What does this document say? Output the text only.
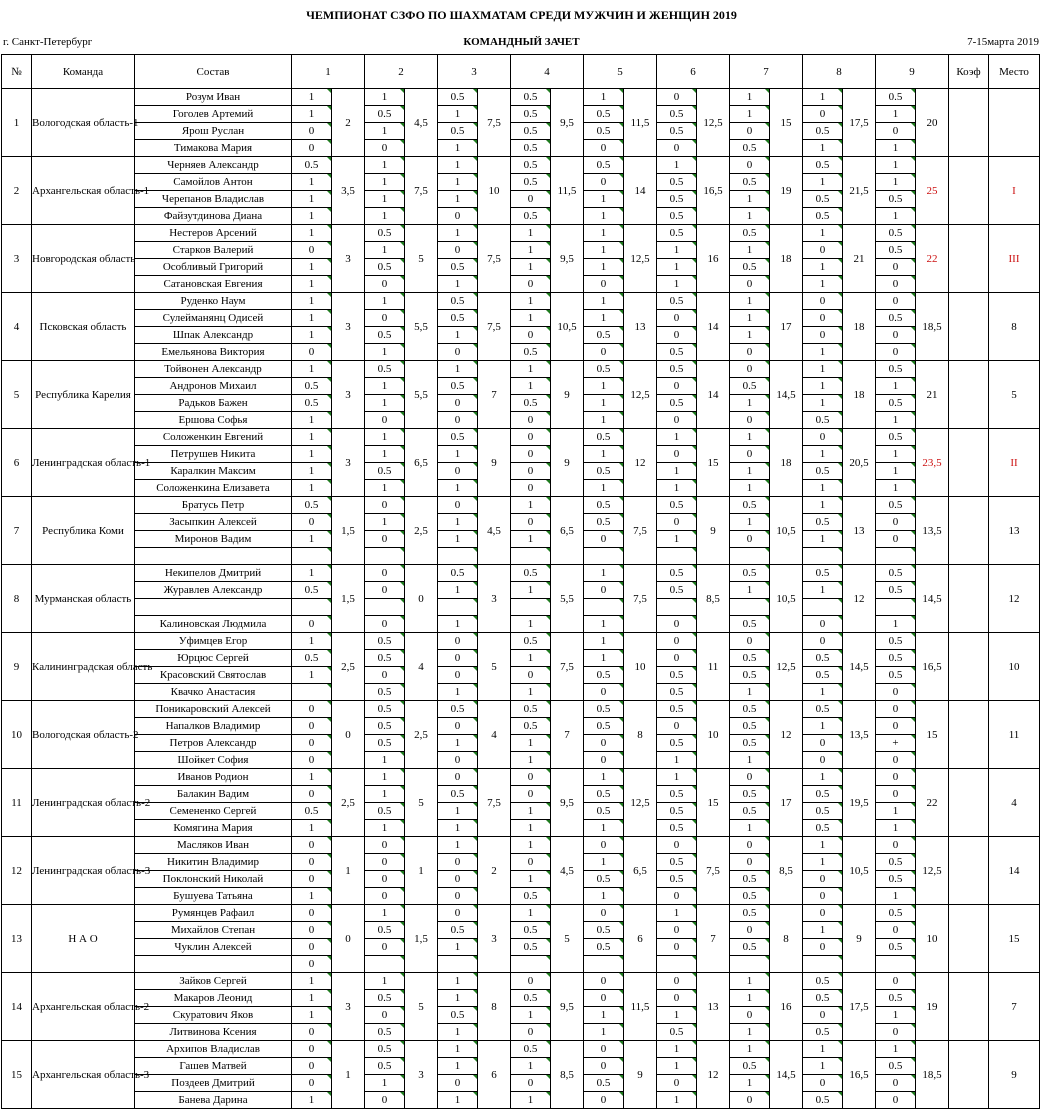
ЧЕМПИОНАТ СЗФО ПО ШАХМАТАМ СРЕДИ МУЖЧИН И ЖЕНЩИН 2019
г. Санкт-Петербург	КОМАНДНЫЙ ЗАЧЕТ	7-15марта 2019
№	Команда	Состав	1		2		3		4		5		6		7		8		9		Коэф	Место
1	Вологодская область-1	Розум Иван	1	2	1	4,5	0.5	7,5	0.5	9,5	1	11,5	0	12,5	1	15	1	17,5	0.5	20		
		Гоголев Артемий	1		0.5		1		0.5		0.5		0.5		1		0		1			
		Ярош Руслан	0		1		0.5		0.5		0.5		0.5		0		0.5		0			
		Тимакова Мария	0		0		1		0.5		0		0		0.5		1		1			
2	Архангельская область-1	Черняев Александр	0.5	3,5	1	7,5	1	10	0.5	11,5	0.5	14	1	16,5	0	19	0.5	21,5	1	25		I
		Самойлов Антон	1		1		1		0.5		0		0.5		0.5		1		1			
		Черепанов Владислав	1		1		1		0		1		0.5		1		0.5		0.5			
		Файзутдинова Диана	1		1		0		0.5		1		0.5		1		0.5		1			
3	Новгородская область	Нестеров Арсений	1	3	0.5	5	1	7,5	1	9,5	1	12,5	0.5	16	0.5	18	1	21	0.5	22		III
		Старков Валерий	0		1		0		1		1		1		1		0		0.5			
		Особливый Григорий	1		0.5		0.5		1		1		1		0.5		1		0			
		Сатановская Евгения	1		0		1		0		0		1		0		1		0			
4	Псковская область	Руденко Наум	1	3	1	5,5	0.5	7,5	1	10,5	1	13	0.5	14	1	17	0	18	0	18,5		8
		Сулейманянц Одисей	1		0		0.5		1		1		0		1		0		0.5			
		Шпак Александр	1		0.5		1		0		0.5		0		1		0		0			
		Емельянова Виктория	0		1		0		0.5		0		0.5		0		1		0			
5	Республика Карелия	Тойвонен Александр	1	3	0.5	5,5	1	7	1	9	0.5	12,5	0.5	14	0	14,5	1	18	0.5	21		5
		Андронов Михаил	0.5		1		0.5		1		1		0		0.5		1		1			
		Радьков Бажен	0.5		1		0		0.5		1		0.5		1		1		0.5			
		Ершова Софья	1		0		0		0		1		0		0		0.5		1			
6	Ленинградская область-1	Соложенкин Евгений	1	3	1	6,5	0.5	9	0	9	0.5	12	1	15	1	18	0	20,5	0.5	23,5		II
		Петрушев Никита	1		1		1		0		1		0		0		1		1			
		Каралкин Максим	1		0.5		0		0		0.5		1		1		0.5		1			
		Соложенкина Елизавета	1		1		1		0		1		1		1		1		1			
7	Республика Коми	Братусь Петр	0.5	1,5	0	2,5	0	4,5	1	6,5	0.5	7,5	0.5	9	0.5	10,5	1	13	0.5	13,5		13
		Засыпкин Алексей	0		1		1		0		0.5		0		1		0.5		0			
		Миронов Вадим	1		0		1		1		0		1		0		1		0			

8	Мурманская область	Некипелов Дмитрий	1	1,5	0	0	0.5	3	0.5	5,5	1	7,5	0.5	8,5	0.5	10,5	0.5	12	0.5	14,5		12
		Журавлев Александр	0.5		0		1		1		0		0.5		1		1		0.5			

		Калиновская Людмила	0		0		1		1		1		0		0.5		0		1			
9	Калининградская область	Уфимцев Егор	1	2,5	0.5	4	0	5	0.5	7,5	1	10	0	11	0	12,5	0	14,5	0.5	16,5		10
		Юрцюс Сергей	0.5		0.5		0		1		1		0		0.5		0.5		0.5			
		Красовский Святослав	1		0		0		0		0.5		0.5		0.5		0.5		0.5			
		Квачко Анастасия			0.5		1		1		0		0.5		1		1		0			
10	Вологодская область-2	Поникаровский Алексей	0	0	0.5	2,5	0.5	4	0.5	7	0.5	8	0.5	10	0.5	12	0.5	13,5	0	15		11
		Напалков Владимир	0		0.5		0		0.5		0.5		0		0.5		1		0			
		Петров Александр	0		0.5		1		1		0		0.5		0.5		0		+			
		Шойкет София	0		1		0		1		0		1		1		0		0			
11	Ленинградская область-2	Иванов Родион	1	2,5	1	5	0	7,5	0	9,5	1	12,5	1	15	0	17	1	19,5	0	22		4
		Балакин Вадим	0		1		0.5		0		0.5		0.5		0.5		0.5		0			
		Семененко Сергей	0.5		0.5		1		1		0.5		0.5		0.5		0.5		1			
		Комягина Мария	1		1		1		1		1		0.5		1		0.5		1			
12	Ленинградская область-3	Масляков Иван	0	1	0	1	1	2	1	4,5	0	6,5	0	7,5	0	8,5	1	10,5	0	12,5		14
		Никитин Владимир	0		0		0		0		1		0.5		0		1		0.5			
		Поклонский Николай	0		0		0		1		0.5		0.5		0.5		0		0.5			
		Бушуева Татьяна	1		0		0		0.5		1		0		0.5		0		1			
13	Н А О	Румянцев Рафаил	0	0	1	1,5	0	3	1	5	0	6	1	7	0.5	8	0	9	0.5	10		15
		Михайлов Степан	0		0.5		0.5		0.5		0.5		0		0		1		0			
		Чуклин Алексей	0		0		1		0.5		0.5		0		0.5		0		0.5			
			0																			
14	Архангельская область-2	Зайков Сергей	1	3	1	5	1	8	0	9,5	0	11,5	0	13	1	16	0.5	17,5	0	19		7
		Макаров Леонид	1		0.5		1		0.5		0		0		1		0.5		0.5			
		Скуратович Яков	1		0		0.5		1		1		1		0		0		1			
		Литвинова Ксения	0		0.5		1		0		1		0.5		1		0.5		0			
15	Архангельская область-3	Архипов Владислав	0	1	0.5	3	1	6	0.5	8,5	0	9	1	12	1	14,5	1	16,5	1	18,5		9
		Гашев Матвей	0		0.5		1		1		0		1		0.5		1		0.5			
		Поздеев Дмитрий	0		1		0		0		0.5		0		1		0		0			
		Банева Дарина	1		0		1		1		0		1		0		0.5		0			
